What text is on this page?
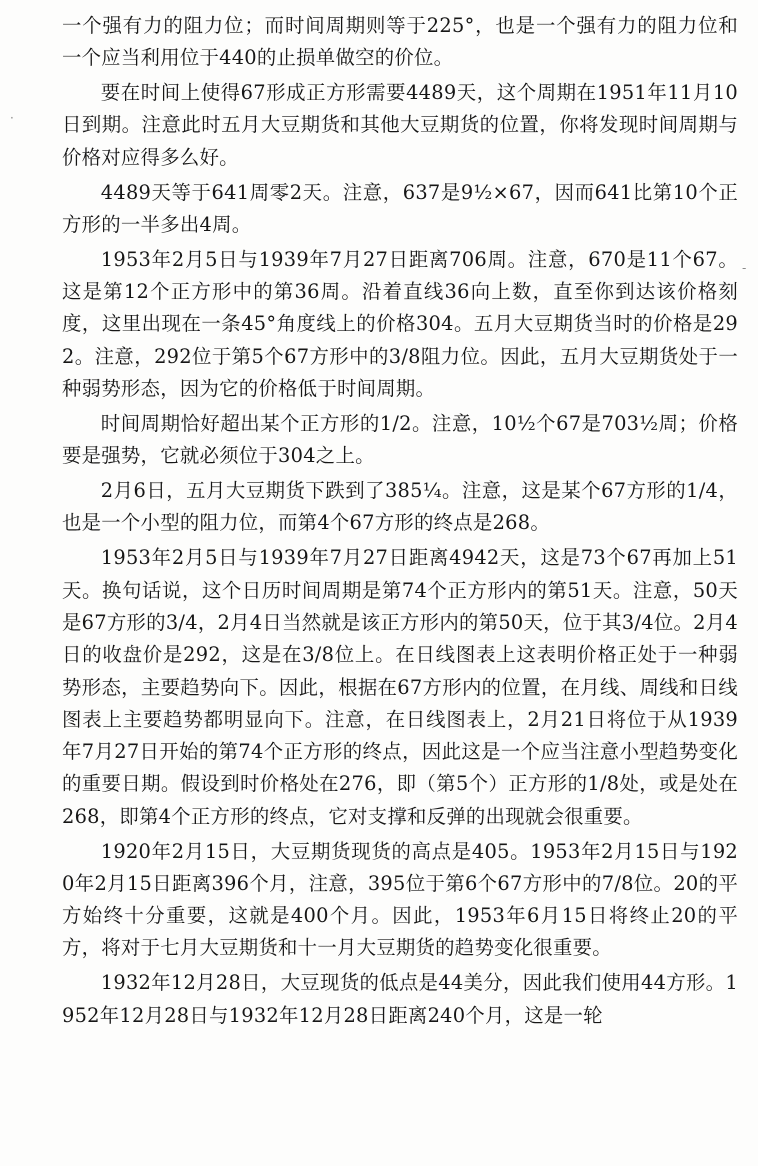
·
-

一个强有力的阻力位；而时间周期则等于225°，也是一个强有力的阻力位和一个应当利用位于440的止损单做空的价位。

要在时间上使得67形成正方形需要4489天，这个周期在1951年11月10日到期。注意此时五月大豆期货和其他大豆期货的位置，你将发现时间周期与价格对应得多么好。

4489天等于641周零2天。注意，637是9½×67，因而641比第10个正方形的一半多出4周。

1953年2月5日与1939年7月27日距离706周。注意，670是11个67。这是第12个正方形中的第36周。沿着直线36向上数，直至你到达该价格刻度，这里出现在一条45°角度线上的价格304。五月大豆期货当时的价格是292。注意，292位于第5个67方形中的3/8阻力位。因此，五月大豆期货处于一种弱势形态，因为它的价格低于时间周期。

时间周期恰好超出某个正方形的1/2。注意，10½个67是703½周；价格要是强势，它就必须位于304之上。

2月6日，五月大豆期货下跌到了385¼。注意，这是某个67方形的1/4，也是一个小型的阻力位，而第4个67方形的终点是268。

1953年2月5日与1939年7月27日距离4942天，这是73个67再加上51天。换句话说，这个日历时间周期是第74个正方形内的第51天。注意，50天是67方形的3/4，2月4日当然就是该正方形内的第50天，位于其3/4位。2月4日的收盘价是292，这是在3/8位上。在日线图表上这表明价格正处于一种弱势形态，主要趋势向下。因此，根据在67方形内的位置，在月线、周线和日线图表上主要趋势都明显向下。注意，在日线图表上，2月21日将位于从1939年7月27日开始的第74个正方形的终点，因此这是一个应当注意小型趋势变化的重要日期。假设到时价格处在276，即（第5个）正方形的1/8处，或是处在268，即第4个正方形的终点，它对支撑和反弹的出现就会很重要。

1920年2月15日，大豆期货现货的高点是405。1953年2月15日与1920年2月15日距离396个月，注意，395位于第6个67方形中的7/8位。20的平方始终十分重要，这就是400个月。因此，1953年6月15日将终止20的平方，将对于七月大豆期货和十一月大豆期货的趋势变化很重要。

1932年12月28日，大豆现货的低点是44美分，因此我们使用44方形。1952年12月28日与1932年12月28日距离240个月，这是一轮
